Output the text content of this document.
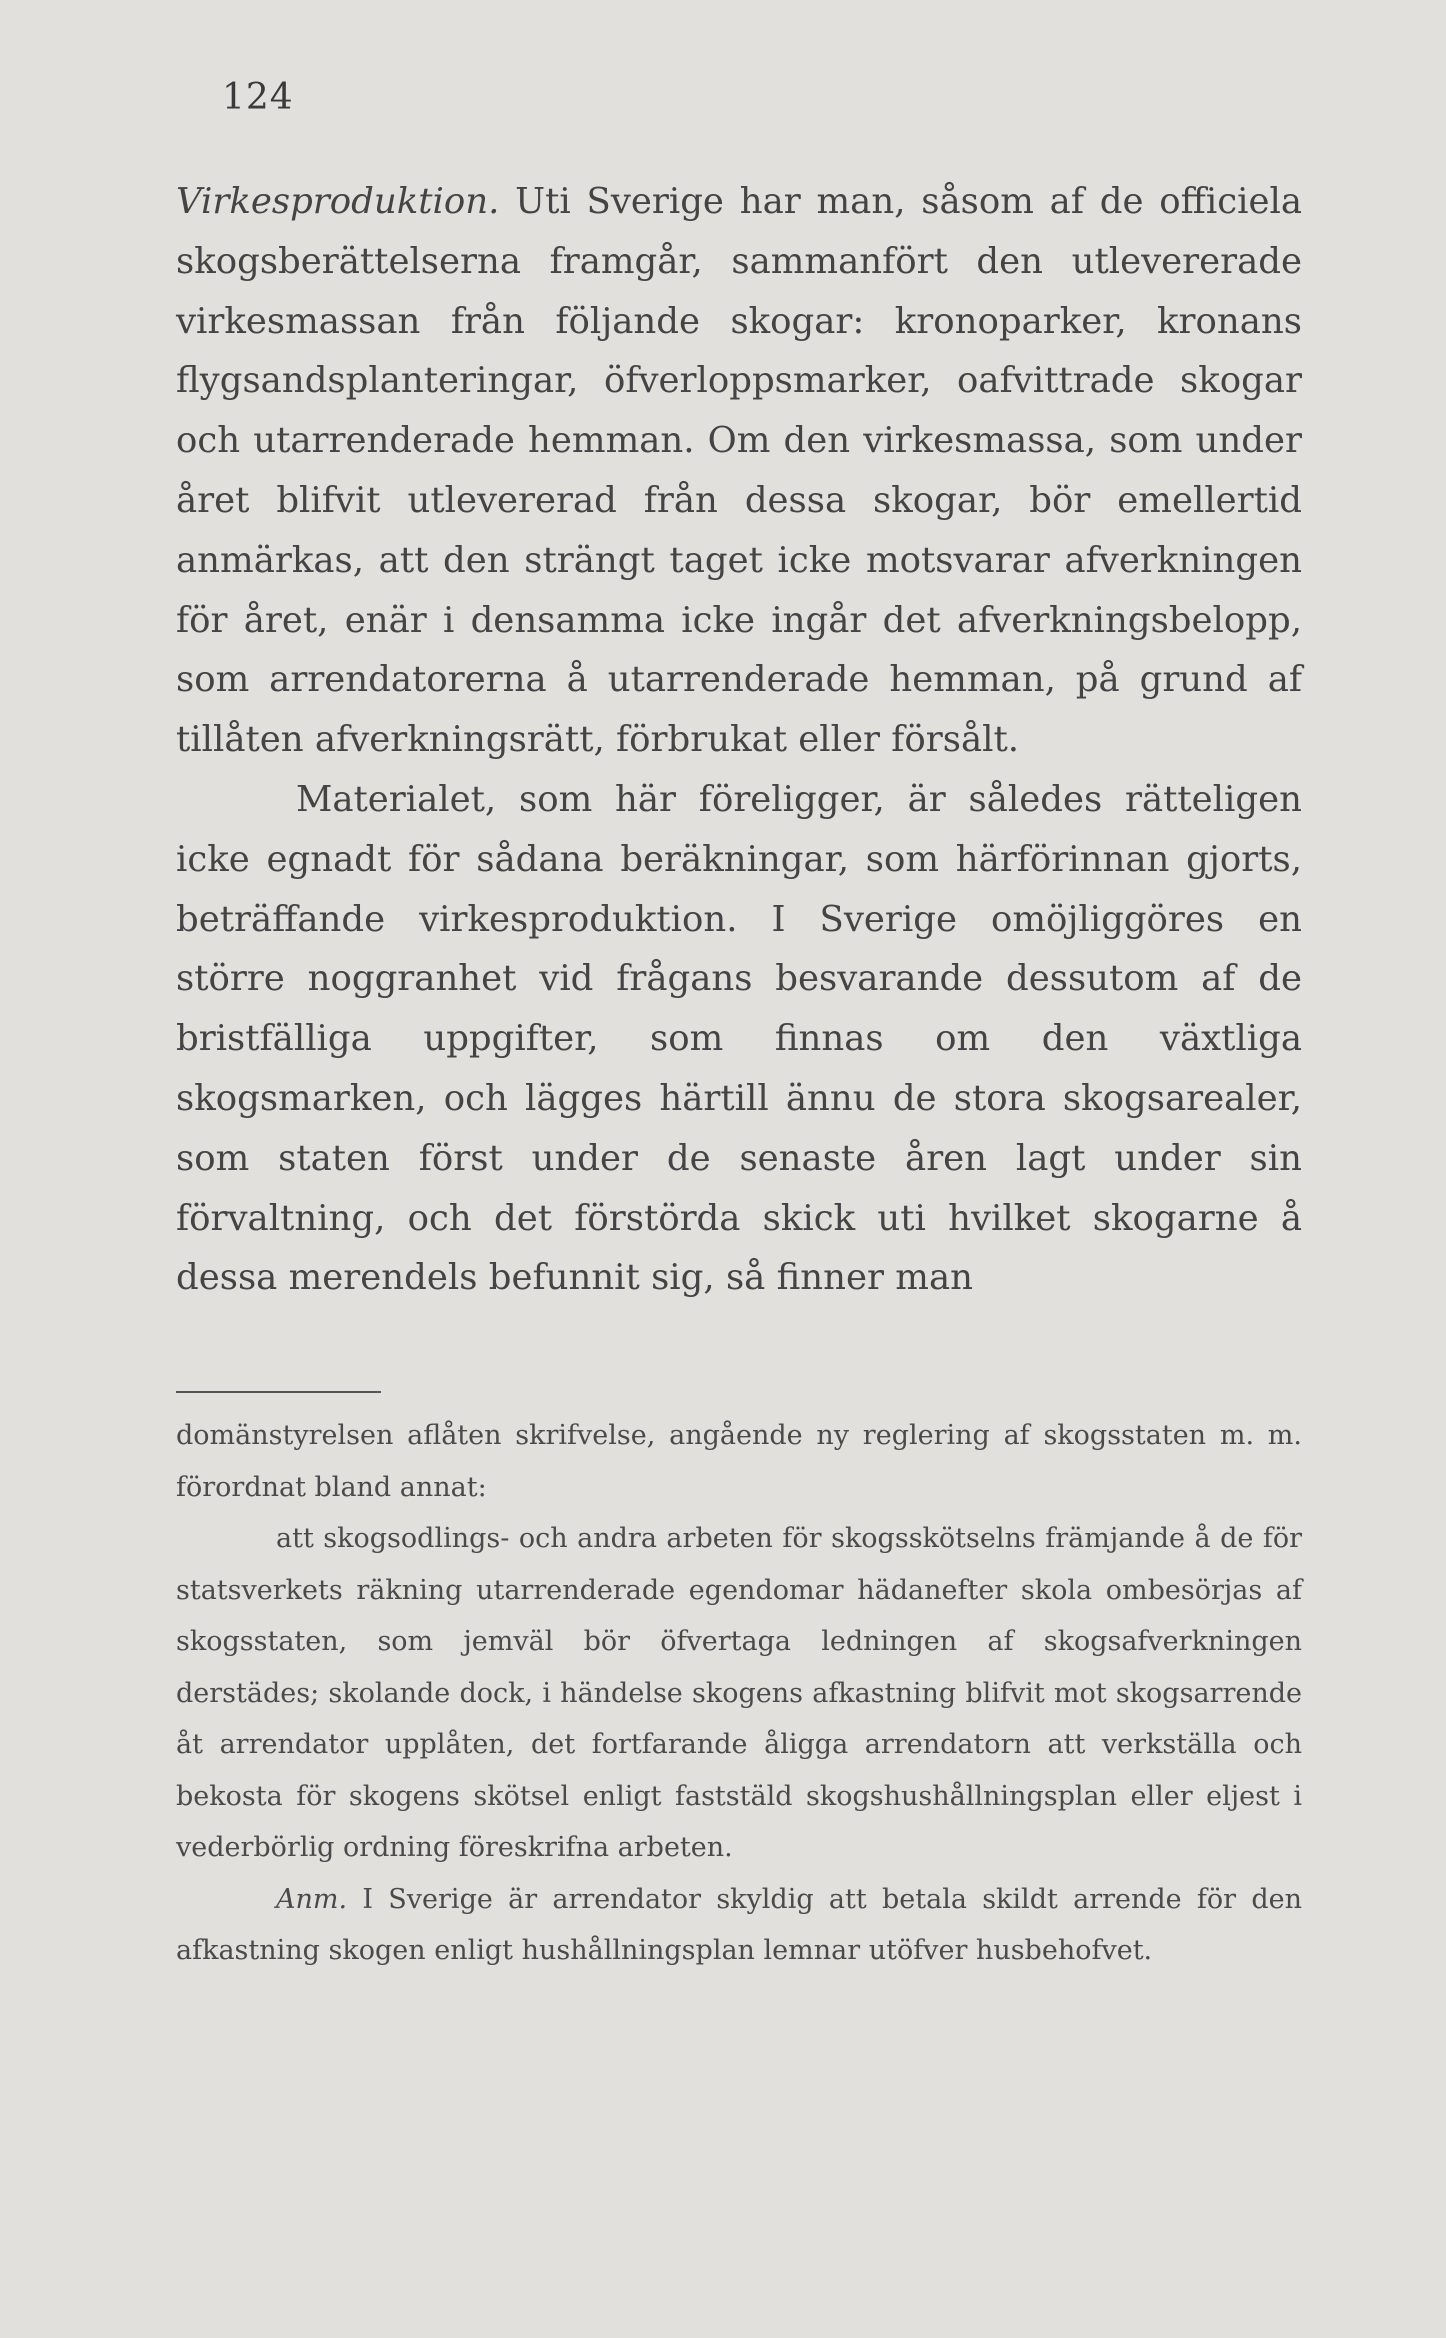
124

Virkesproduktion. Uti Sverige har man, såsom af de officiela skogsberättelserna framgår, sammanfört den utlevererade virkesmassan från följande skogar: kronoparker, kronans flygsandsplanteringar, öfverloppsmarker, oafvittrade skogar och utarrenderade hemman. Om den virkesmassa, som under året blifvit utlevererad från dessa skogar, bör emellertid anmärkas, att den strängt taget icke motsvarar afverkningen för året, enär i densamma icke ingår det afverkningsbelopp, som arrendatorerna å utarrenderade hemman, på grund af tillåten afverkningsrätt, förbrukat eller försålt.

Materialet, som här föreligger, är således rätteligen icke egnadt för sådana beräkningar, som härförinnan gjorts, beträffande virkesproduktion. I Sverige omöjliggöres en större noggranhet vid frågans besvarande dessutom af de bristfälliga uppgifter, som finnas om den växtliga skogsmarken, och lägges härtill ännu de stora skogsarealer, som staten först under de senaste åren lagt under sin förvaltning, och det förstörda skick uti hvilket skogarne å dessa merendels befunnit sig, så finner man

domänstyrelsen aflåten skrifvelse, angående ny reglering af skogsstaten m. m. förordnat bland annat:

att skogsodlings- och andra arbeten för skogsskötselns främjande å de för statsverkets räkning utarrenderade egendomar hädanefter skola ombesörjas af skogsstaten, som jemväl bör öfvertaga ledningen af skogsafverkningen derstädes; skolande dock, i händelse skogens afkastning blifvit mot skogsarrende åt arrendator upplåten, det fortfarande åligga arrendatorn att verkställa och bekosta för skogens skötsel enligt faststäld skogshushållningsplan eller eljest i vederbörlig ordning föreskrifna arbeten.

Anm. I Sverige är arrendator skyldig att betala skildt arrende för den afkastning skogen enligt hushållningsplan lemnar utöfver husbehofvet.
